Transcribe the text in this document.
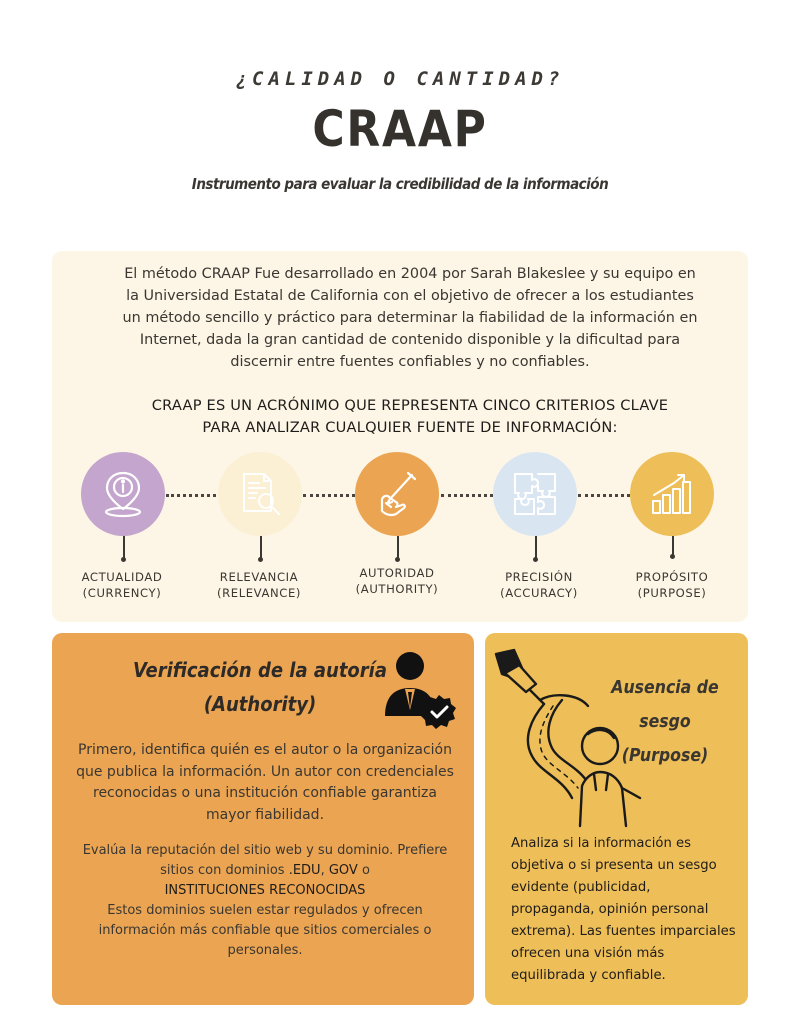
¿CALIDAD O CANTIDAD?
CRAAP
Instrumento para evaluar la credibilidad de la información
El método CRAAP Fue desarrollado en 2004 por Sarah Blakeslee y su equipo en la Universidad Estatal de California con el objetivo de ofrecer a los estudiantes un método sencillo y práctico para determinar la fiabilidad de la información en Internet, dada la gran cantidad de contenido disponible y la dificultad para discernir entre fuentes confiables y no confiables.
CRAAP ES UN ACRÓNIMO QUE REPRESENTA CINCO CRITERIOS CLAVE
PARA ANALIZAR CUALQUIER FUENTE DE INFORMACIÓN:
ACTUALIDAD
(CURRENCY)
RELEVANCIA
(RELEVANCE)
AUTORIDAD
(AUTHORITY)
PRECISIÓN
(ACCURACY)
PROPÓSITO
(PURPOSE)
Verificación de la autoría
(Authority)
Primero, identifica quién es el autor o la organización que publica la información. Un autor con credenciales reconocidas o una institución confiable garantiza mayor fiabilidad.
Evalúa la reputación del sitio web y su dominio. Prefiere sitios con dominios .EDU, GOV o
INSTITUCIONES RECONOCIDAS
Estos dominios suelen estar regulados y ofrecen información más confiable que sitios comerciales o personales.
Ausencia de sesgo
(Purpose)
Analiza si la información es objetiva o si presenta un sesgo evidente (publicidad, propaganda, opinión personal extrema). Las fuentes imparciales ofrecen una visión más equilibrada y confiable.
